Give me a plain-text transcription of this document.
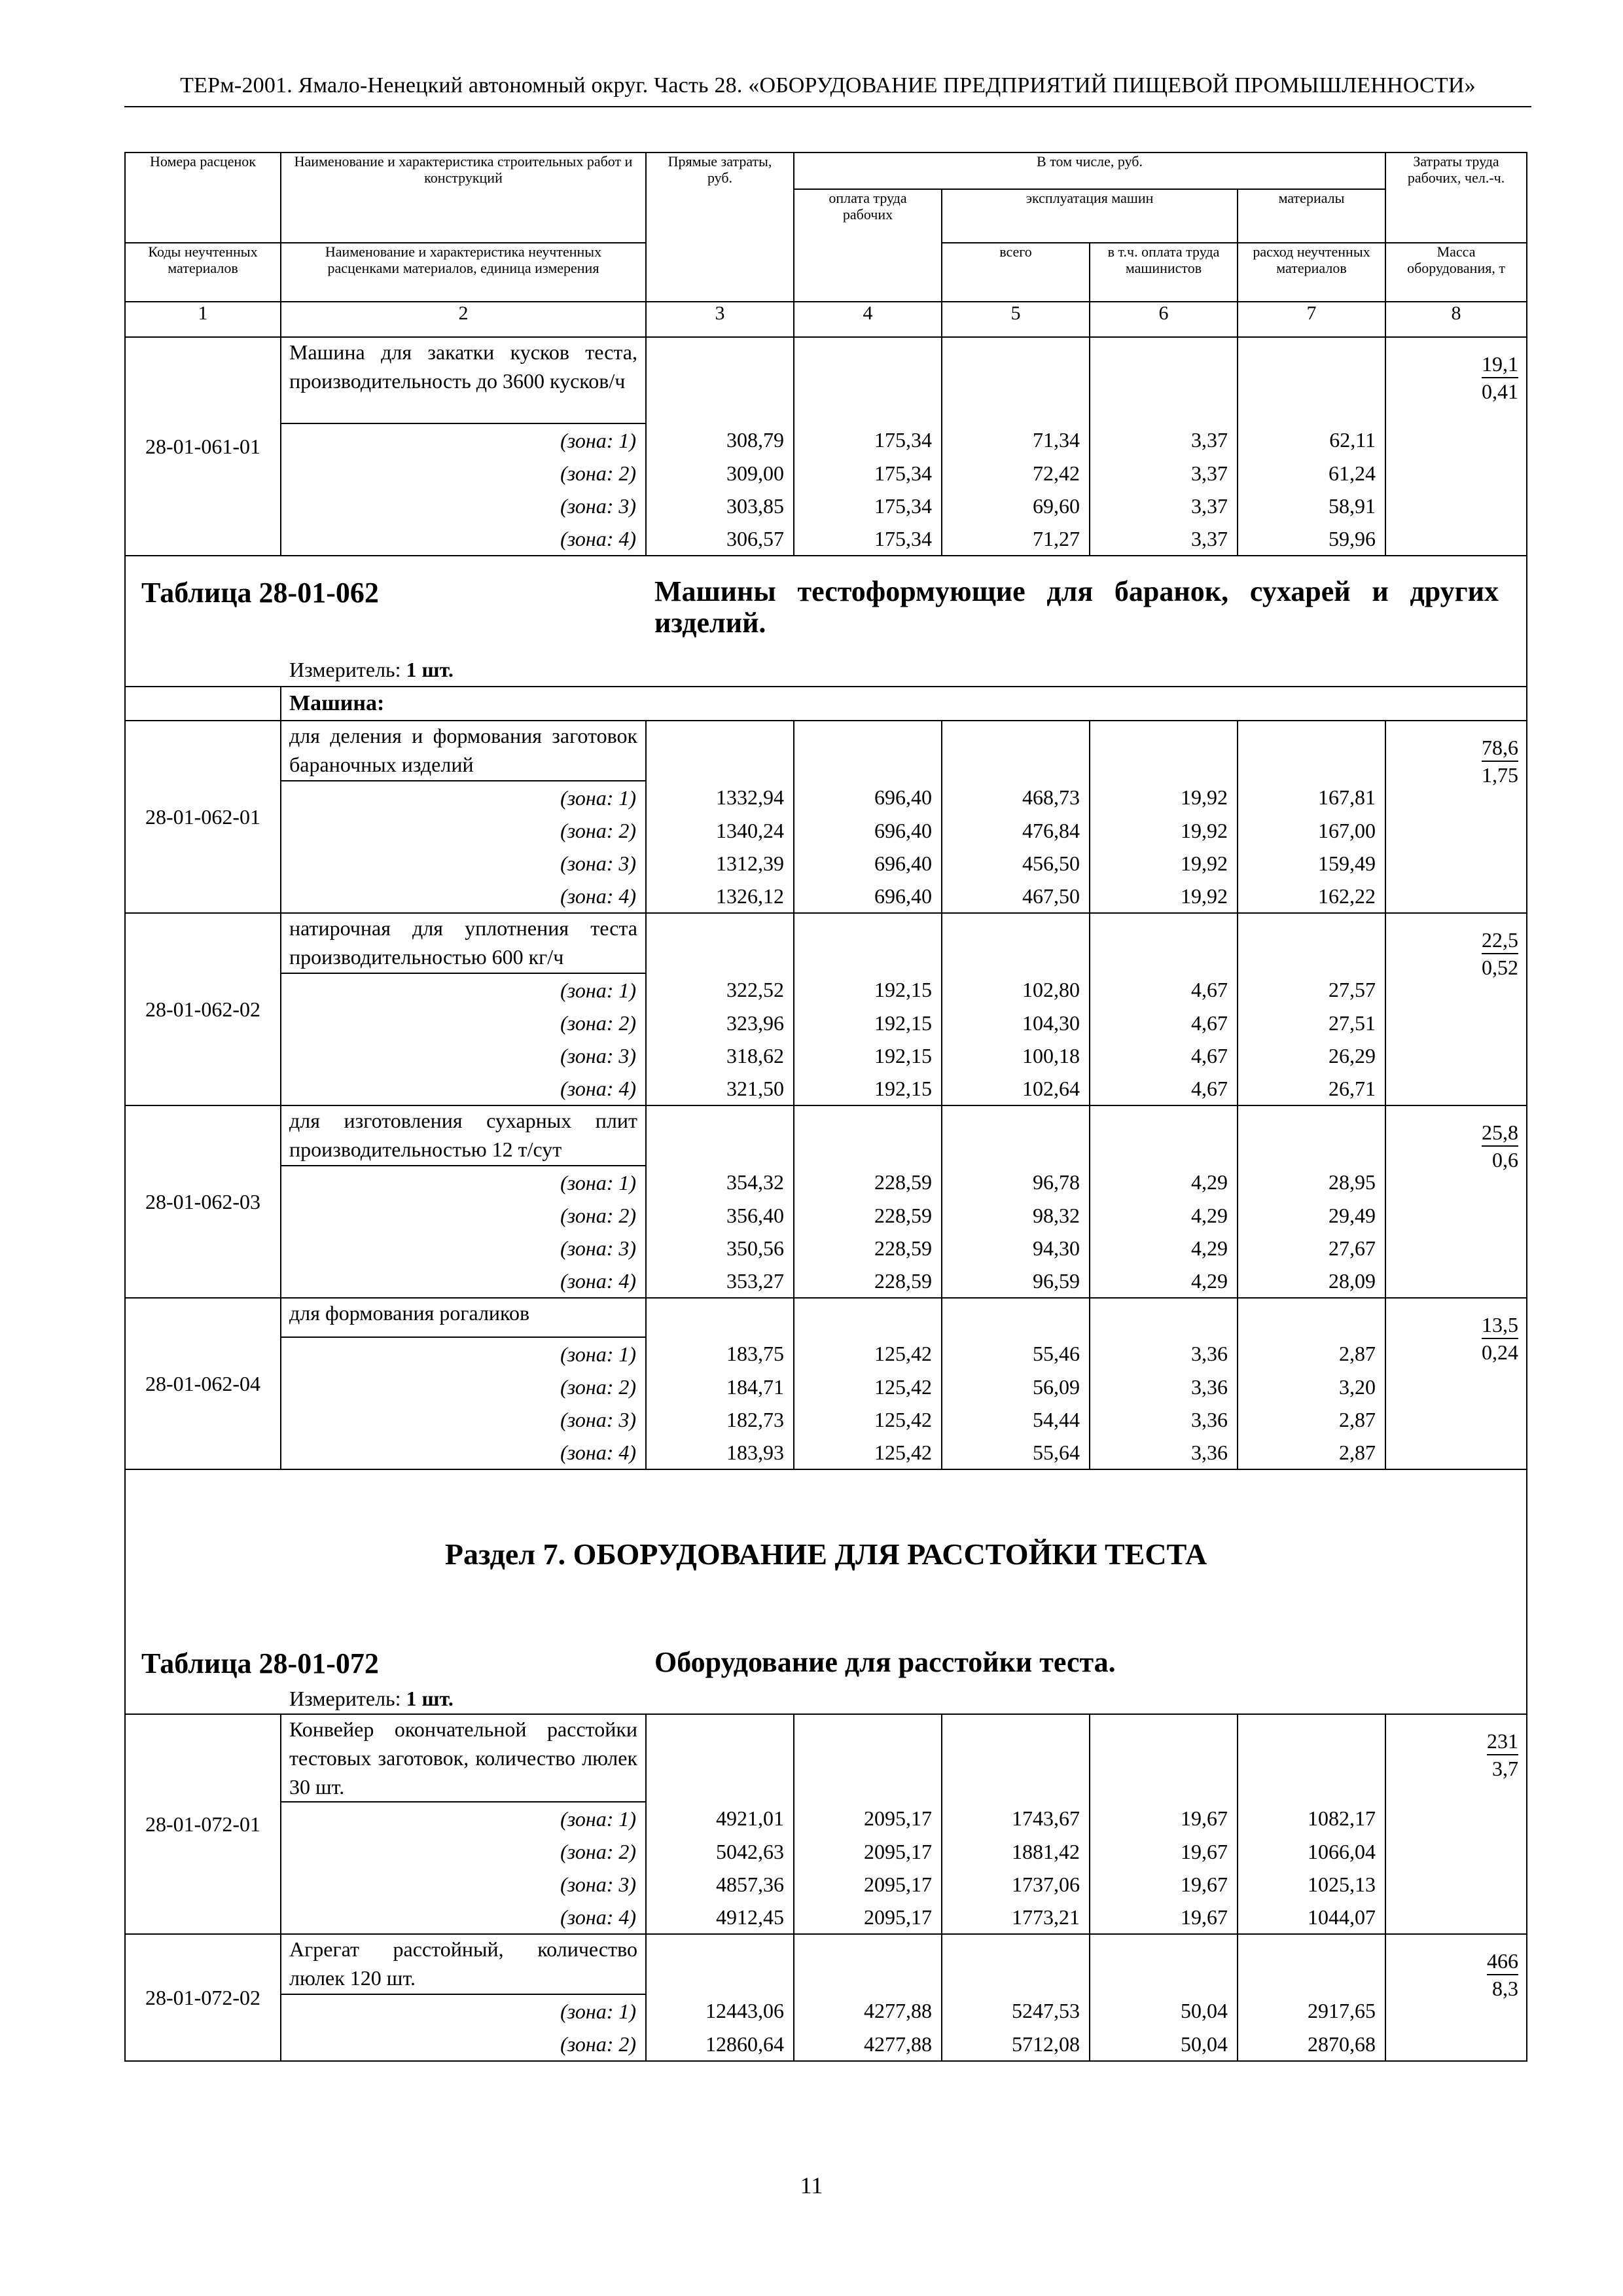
ТЕРм-2001. Ямало-Ненецкий автономный округ. Часть 28. «ОБОРУДОВАНИЕ ПРЕДПРИЯТИЙ ПИЩЕВОЙ ПРОМЫШЛЕННОСТИ»
Номера расценок	Наименование и характеристика строительных работ и конструкций	Прямые затраты, руб.	В том числе, руб.				Затраты труда рабочих, чел.-ч.
			оплата труда рабочих	эксплуатация машин		материалы	
Коды неучтенных материалов	Наименование и характеристика неучтенных расценками материалов, единица измерения			всего	в т.ч. оплата труда машинистов	расход неучтенных материалов	Масса оборудования, т
1	2	3	4	5	6	7	8
28-01-061-01	Машина для закатки кусков теста, производительность до 3600 кусков/ч						$\frac{19,1}{0,41}$

	(зона: 1)	308,79	175,34	71,34	3,37	62,11	
	(зона: 2)	309,00	175,34	72,42	3,37	61,24	
	(зона: 3)	303,85	175,34	69,60	3,37	58,91	
	(зона: 4)	306,57	175,34	71,27	3,37	59,96	

Таблица 28-01-062 Машины тестоформующие для баранок, сухарей и других изделий.
Измеритель: 1 шт.							

	Машина:						
28-01-062-01	для деления и формования заготовок бараночных изделий						$\frac{78,6}{1,75}$

	(зона: 1)	1332,94	696,40	468,73	19,92	167,81	
	(зона: 2)	1340,24	696,40	476,84	19,92	167,00	
	(зона: 3)	1312,39	696,40	456,50	19,92	159,49	
	(зона: 4)	1326,12	696,40	467,50	19,92	162,22	
28-01-062-02	натирочная для уплотнения теста производительностью 600 кг/ч						$\frac{22,5}{0,52}$

	(зона: 1)	322,52	192,15	102,80	4,67	27,57	
	(зона: 2)	323,96	192,15	104,30	4,67	27,51	
	(зона: 3)	318,62	192,15	100,18	4,67	26,29	
	(зона: 4)	321,50	192,15	102,64	4,67	26,71	
28-01-062-03	для изготовления сухарных плит производительностью 12 т/сут						$\frac{25,8}{0,6}$

	(зона: 1)	354,32	228,59	96,78	4,29	28,95	
	(зона: 2)	356,40	228,59	98,32	4,29	29,49	
	(зона: 3)	350,56	228,59	94,30	4,29	27,67	
	(зона: 4)	353,27	228,59	96,59	4,29	28,09	
28-01-062-04	для формования рогаликов						$\frac{13,5}{0,24}$

	(зона: 1)	183,75	125,42	55,46	3,36	2,87	
	(зона: 2)	184,71	125,42	56,09	3,36	3,20	
	(зона: 3)	182,73	125,42	54,44	3,36	2,87	
	(зона: 4)	183,93	125,42	55,64	3,36	2,87	

Раздел 7. ОБОРУДОВАНИЕ ДЛЯ РАССТОЙКИ ТЕСТА
Таблица 28-01-072 Оборудование для расстойки теста.
Измеритель: 1 шт.							

28-01-072-01	Конвейер окончательной расстойки тестовых заготовок, количество люлек 30 шт.						$\frac{231}{3,7}$

	(зона: 1)	4921,01	2095,17	1743,67	19,67	1082,17	
	(зона: 2)	5042,63	2095,17	1881,42	19,67	1066,04	
	(зона: 3)	4857,36	2095,17	1737,06	19,67	1025,13	
	(зона: 4)	4912,45	2095,17	1773,21	19,67	1044,07	
28-01-072-02	Агрегат расстойный, количество люлек 120 шт.						$\frac{466}{8,3}$

	(зона: 1)	12443,06	4277,88	5247,53	50,04	2917,65	
	(зона: 2)	12860,64	4277,88	5712,08	50,04	2870,68	
11
